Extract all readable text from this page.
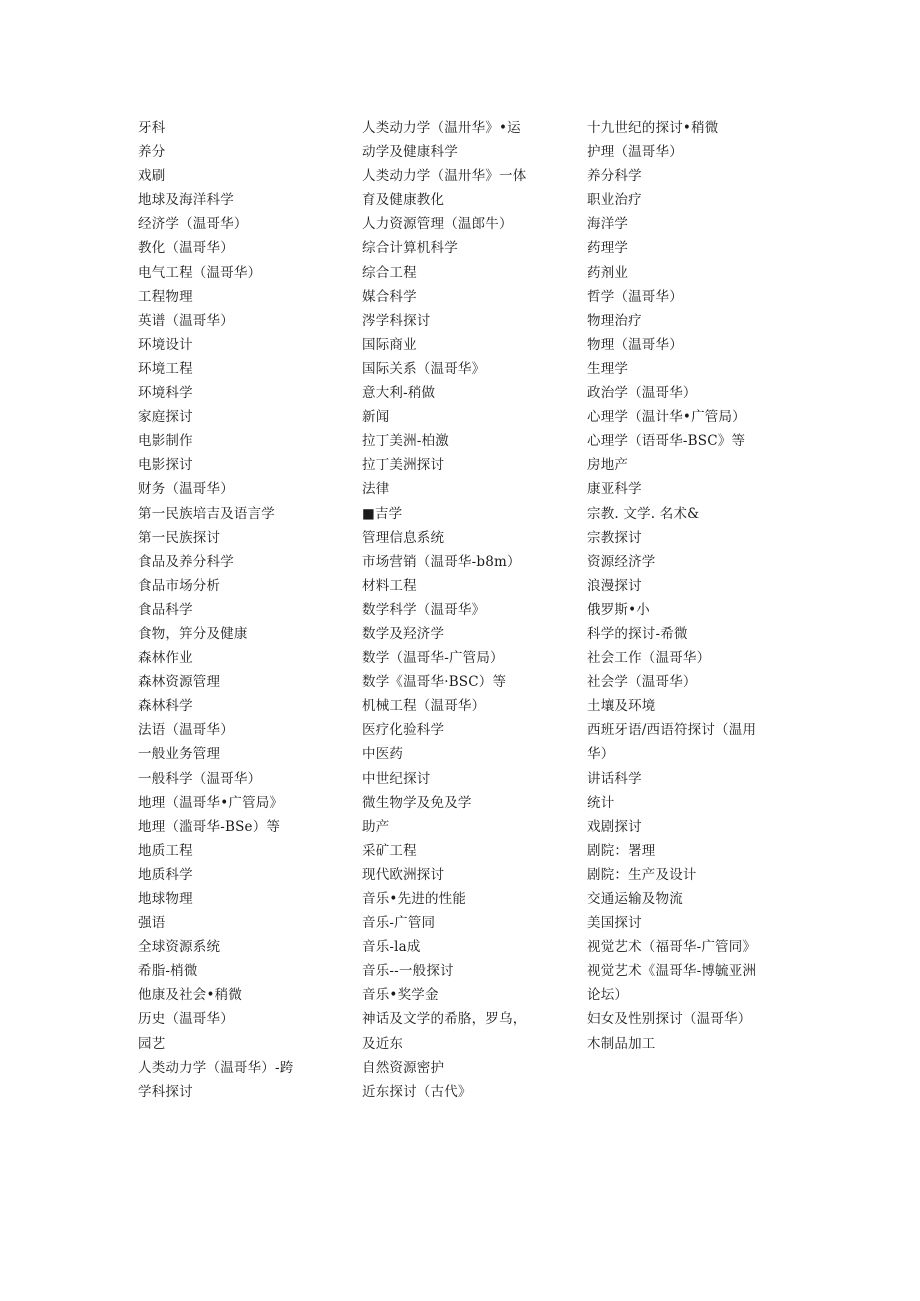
牙科
养分
戏刷
地球及海洋科学
经济学（温哥华）
教化（温哥华）
电气工程（温哥华）
工程物理
英谱（温哥华）
环境设计
环境工程
环境科学
家庭探讨
电影制作
电影探讨
财务（温哥华）
第一民族培吉及语言学
第一民族探讨
食品及养分科学
食品市场分析
食品科学
食物，笄分及健康
森林作业
森林资源管理
森林科学
法语（温哥华）
一般业务管理
一般科学（温哥华）
地理（温哥华•广管局》
地理（滥哥华-BSe）等
地质工程
地质科学
地球物理
强语
全球资源系统
希脂-梢微
他康及社会•稍微
历史（温哥华）
园艺
人类动力学（温哥华）-跨
学科探讨
人类动力学（温卅华》•运
动学及健康科学
人类动力学（温卅华》一体
育及健康教化
人力资源管理（温郎牛）
综合计算机科学
综合工程
媒合科学
涔学科探讨
国际商业
国际关系（温哥华》
意大利-稍做
新闻
拉丁美洲-柏激
拉丁美洲探讨
法律
■吉学
管理信息系统
市场营销（温哥华-b8m）
材料工程
数学科学（温哥华》
数学及羟济学
数学（温哥华-广管局）
数学《温哥华·BSC）等
机械工程（温哥华）
医疗化验科学
中医药
中世纪探讨
微生物学及免及学
助产
采矿工程
现代欧洲探讨
音乐•先进的性能
音乐-广管同
音乐-la成
音乐--一般探讨
音乐•奖学金
神话及文学的希胳，罗乌，
及近东
自然资源密护
近东探讨（古代》
十九世纪的探讨•稍微
护理（温哥华）
养分科学
职业治疗
海洋学
药理学
药剂业
哲学（温哥华）
物理治疗
物理（温哥华）
生理学
政治学（温哥华）
心理学（温计华•广管局）
心理学（语哥华-BSC》等
房地产
康亚科学
宗教. 文学. 名术&
宗教探讨
资源经济学
浪漫探讨
俄罗斯•小
科学的探讨-希微
社会工作（温哥华）
社会学（温哥华）
土壤及环境
西班牙语/西语符探讨（温用
华）
讲话科学
统计
戏剧探讨
剧院：署理
剧院：生产及设计
交通运输及物流
美国探讨
视觉艺术（福哥华-广管同》
视觉艺术《温哥华-博毓亚洲
论坛）
妇女及性别探讨（温哥华）
木制品加工
